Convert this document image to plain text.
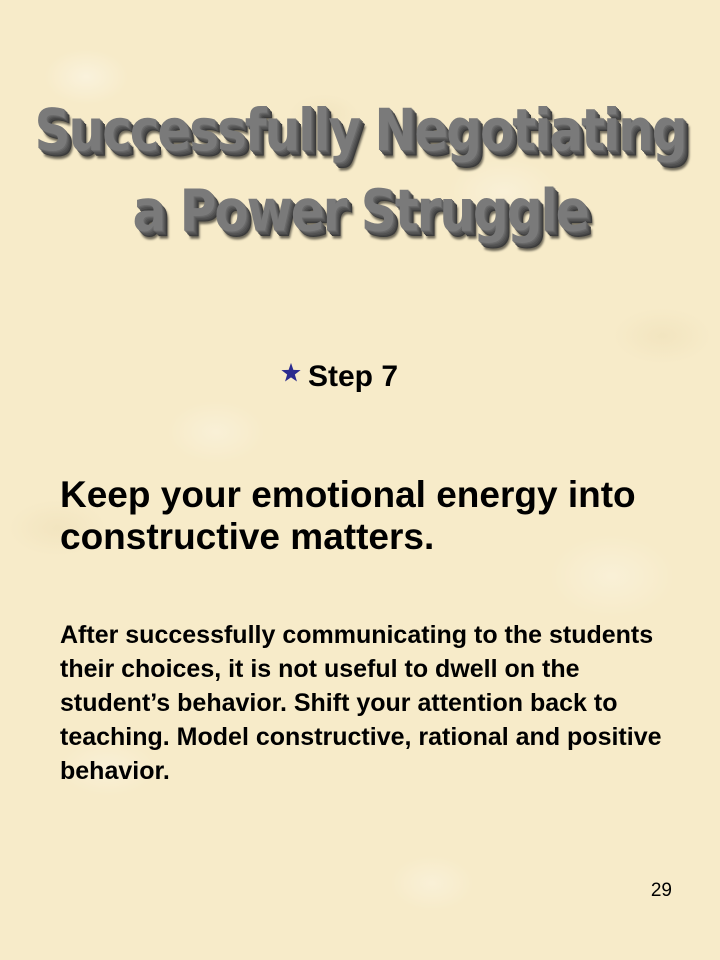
Successfully Negotiating
a Power Struggle
Step 7

Keep your emotional energy into constructive matters.

After successfully communicating to the students their choices, it is not useful to dwell on the student’s behavior. Shift your attention back to teaching. Model constructive, rational and positive behavior.

29
